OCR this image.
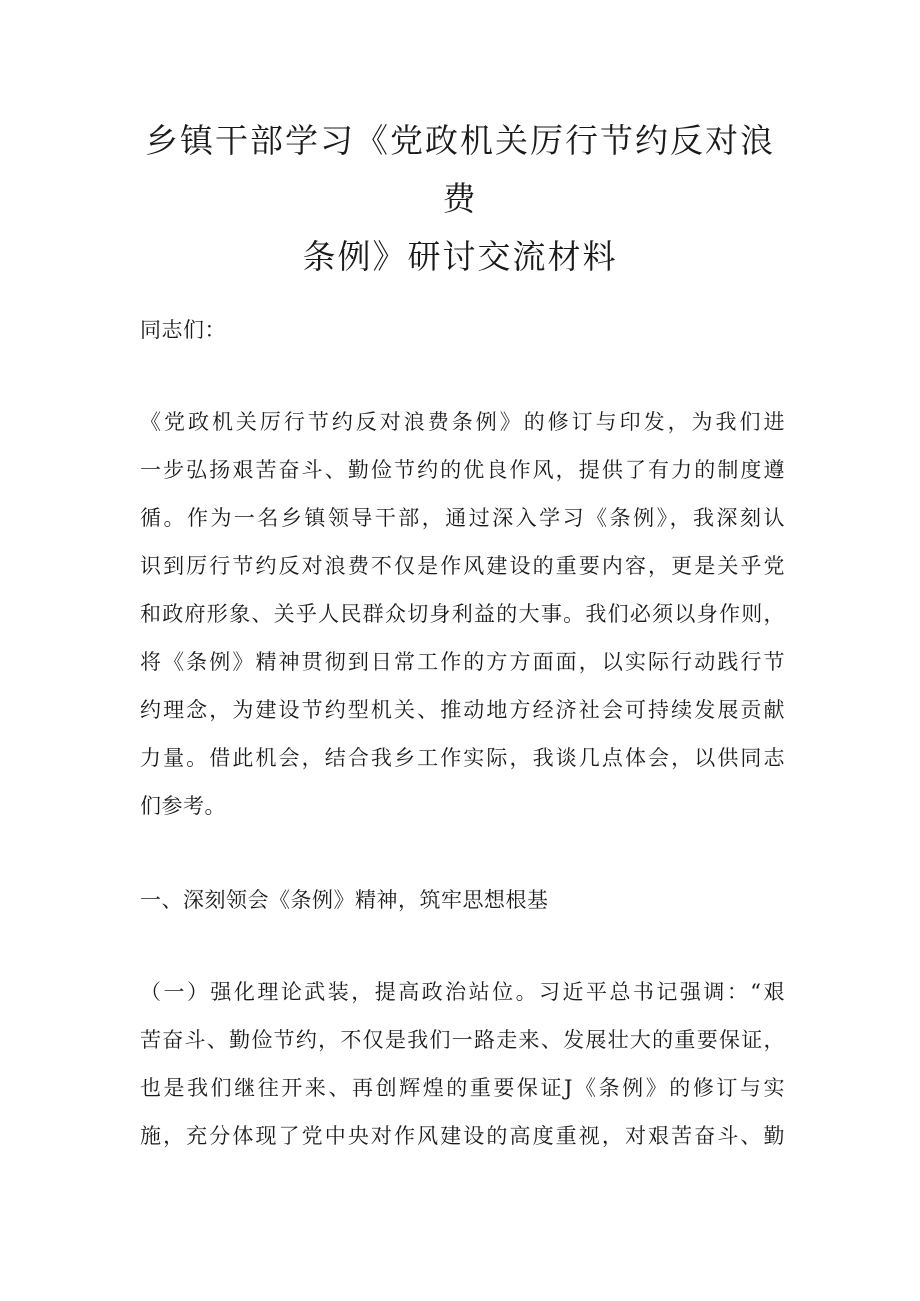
乡镇干部学习《党政机关厉行节约反对浪费
条例》研讨交流材料

同志们：

《党政机关厉行节约反对浪费条例》的修订与印发，为我们进
一步弘扬艰苦奋斗、勤俭节约的优良作风，提供了有力的制度遵
循。作为一名乡镇领导干部，通过深入学习《条例》，我深刻认
识到厉行节约反对浪费不仅是作风建设的重要内容，更是关乎党
和政府形象、关乎人民群众切身利益的大事。我们必须以身作则，
将《条例》精神贯彻到日常工作的方方面面，以实际行动践行节
约理念，为建设节约型机关、推动地方经济社会可持续发展贡献
力量。借此机会，结合我乡工作实际，我谈几点体会，以供同志
们参考。

一、深刻领会《条例》精神，筑牢思想根基

（一）强化理论武装，提高政治站位。习近平总书记强调：“艰
苦奋斗、勤俭节约，不仅是我们一路走来、发展壮大的重要保证，
也是我们继往开来、再创辉煌的重要保证J《条例》的修订与实
施，充分体现了党中央对作风建设的高度重视，对艰苦奋斗、勤
